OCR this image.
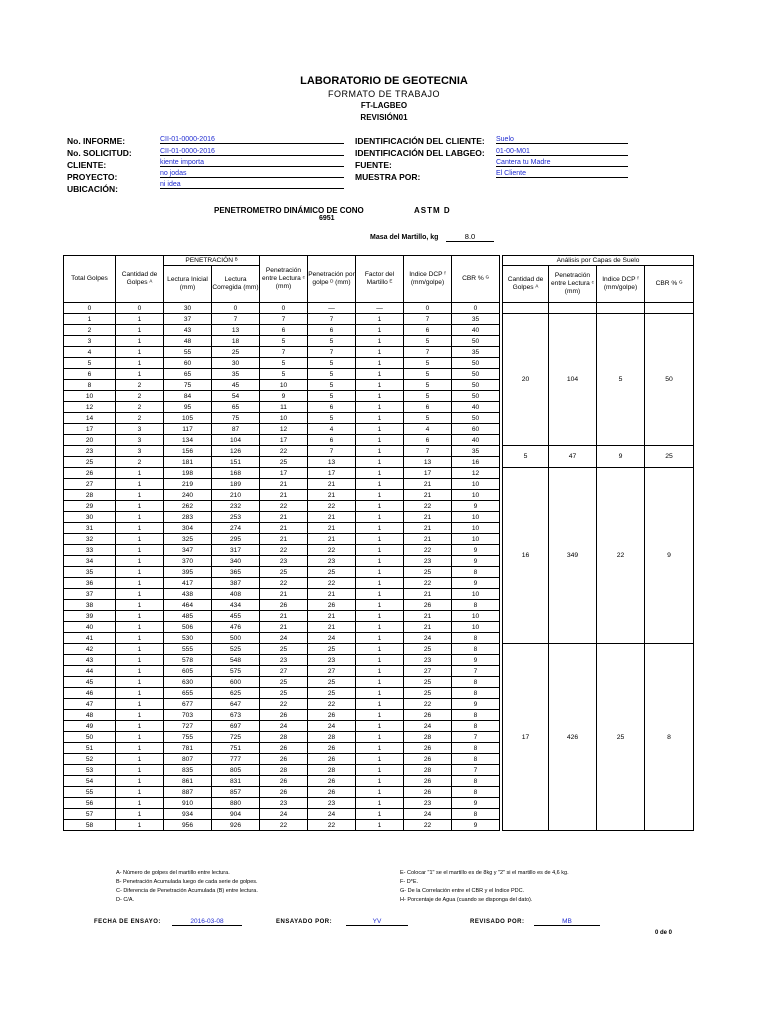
LABORATORIO DE GEOTECNIA
FORMATO DE TRABAJO
FT-LAGBEO
REVISIÓN01
No. INFORME:	CII-01-0000-2016
No. SOLICITUD:	CII-01-0000-2016
CLIENTE:	kiente importa
PROYECTO:	no jodas
UBICACIÓN:	ni idea
IDENTIFICACIÓN DEL CLIENTE: Suelo
IDENTIFICACIÓN DEL LABGEO: 01-00-M01
FUENTE:	Cantera tu Madre
MUESTRA POR:	El Cliente
PENETROMETRO DINÁMICO DE CONO	ASTM D
6951
Masa del Martillo, kg	8.0
Total Golpes	Cantidad de Golpes ᴬ	PENETRACIÓN ᴮ		Penetración entre Lectura ᶜ (mm)	Penetración por golpe ᴰ (mm)	Factor del Martillo ᴱ	Indice DCP ᶠ (mm/golpe)	CBR % ᴳ		Análisis por Capas de Suelo			
		Lectura Inicial (mm)	Lectura Corregida (mm)							Cantidad de Golpes ᴬ	Penetración entre Lectura ᶜ (mm)	Indice DCP ᶠ (mm/golpe)	CBR % ᴳ
0	0	30	0	0	—	—	0	0					
1	1	37	7	7	7	1	7	35		20	104	5	50
2	1	43	13	6	6	1	6	40					
3	1	48	18	5	5	1	5	50					
4	1	55	25	7	7	1	7	35					
5	1	60	30	5	5	1	5	50					
6	1	65	35	5	5	1	5	50					
8	2	75	45	10	5	1	5	50					
10	2	84	54	9	5	1	5	50					
12	2	95	65	11	6	1	6	40					
14	2	105	75	10	5	1	5	50					
17	3	117	87	12	4	1	4	60					
20	3	134	104	17	6	1	6	40					
23	3	156	126	22	7	1	7	35		5	47	9	25
25	2	181	151	25	13	1	13	16					
26	1	198	168	17	17	1	17	12		16	349	22	9
27	1	219	189	21	21	1	21	10					
28	1	240	210	21	21	1	21	10					
29	1	262	232	22	22	1	22	9					
30	1	283	253	21	21	1	21	10					
31	1	304	274	21	21	1	21	10					
32	1	325	295	21	21	1	21	10					
33	1	347	317	22	22	1	22	9					
34	1	370	340	23	23	1	23	9					
35	1	395	365	25	25	1	25	8					
36	1	417	387	22	22	1	22	9					
37	1	438	408	21	21	1	21	10					
38	1	464	434	26	26	1	26	8					
39	1	485	455	21	21	1	21	10					
40	1	506	476	21	21	1	21	10					
41	1	530	500	24	24	1	24	8					
42	1	555	525	25	25	1	25	8		17	426	25	8
43	1	578	548	23	23	1	23	9					
44	1	605	575	27	27	1	27	7					
45	1	630	600	25	25	1	25	8					
46	1	655	625	25	25	1	25	8					
47	1	677	647	22	22	1	22	9					
48	1	703	673	26	26	1	26	8					
49	1	727	697	24	24	1	24	8					
50	1	755	725	28	28	1	28	7					
51	1	781	751	26	26	1	26	8					
52	1	807	777	26	26	1	26	8					
53	1	835	805	28	28	1	28	7					
54	1	861	831	26	26	1	26	8					
55	1	887	857	26	26	1	26	8					
56	1	910	880	23	23	1	23	9					
57	1	934	904	24	24	1	24	8					
58	1	956	926	22	22	1	22	9					
A- Número de golpes del martillo entre lectura.
B- Penetración Acumulada luego de cada serie de golpes.
C- Diferencia de Penetración Acumulada (B) entre lectura.
D- C/A.
E- Colocar "1" se el martillo es de 8kg y "2" si el martillo es de 4,6 kg.
F- D*E.
G- De la Correlación entre el CBR y el Indice PDC.
H- Porcentaje de Agua (cuando se disponga del dato).
FECHA DE ENSAYO:	2016-03-08	ENSAYADO POR:	YV	REVISADO POR:	MB
0 de 0
